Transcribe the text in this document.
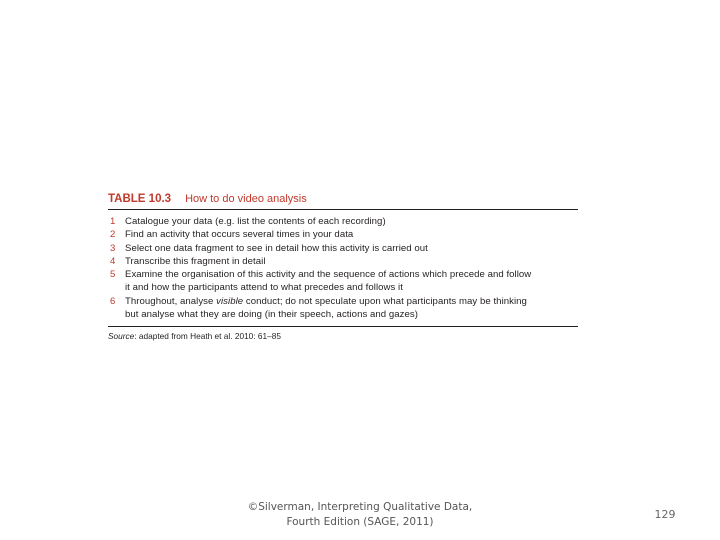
TABLE 10.3 How to do video analysis
1 Catalogue your data (e.g. list the contents of each recording)
2 Find an activity that occurs several times in your data
3 Select one data fragment to see in detail how this activity is carried out
4 Transcribe this fragment in detail
5 Examine the organisation of this activity and the sequence of actions which precede and follow
it and how the participants attend to what precedes and follows it
6 Throughout, analyse visible conduct; do not speculate upon what participants may be thinking
but analyse what they are doing (in their speech, actions and gazes)
Source: adapted from Heath et al. 2010: 61–85
©Silverman, Interpreting Qualitative Data,
Fourth Edition (SAGE, 2011)
129
